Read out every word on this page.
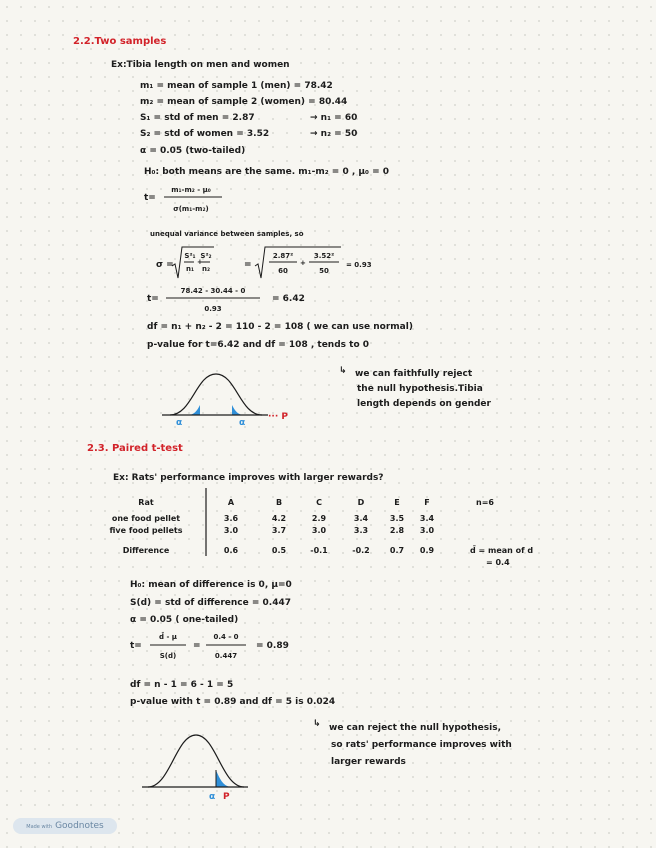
2.2.Two samples
Ex:Tibia length on men and women
m₁ = mean of sample 1 (men) = 78.42
m₂ = mean of sample 2 (women) = 80.44
S₁ = std of men = 2.87
S₂ = std of women = 3.52
α = 0.05 (two-tailed)
→ n₁ = 60
→ n₂ = 50
H₀: both means are the same. m₁-m₂ = 0 , μ₀ = 0
t=
m₁-m₂ - μ₀
σ(m₁-m₂)
unequal variance between samples, so
σ =
S²₁
n₁
+
S²₂
n₂	=
2.87²
60
+
3.52²
50
= 0.93
t=
78.42 - 30.44 - 0
0.93
= 6.42
df = n₁ + n₂ - 2 = 110 - 2 = 108 ( we can use normal)
p-value for t=6.42 and df = 108 , tends to 0
α	α
··· P
↳ we can faithfully reject
the null hypothesis.Tibia
length depends on gender
2.3. Paired t-test
Ex: Rats' performance improves with larger rewards?
Rat	A	B	C	D	E	F	n=6
one food pellet	3.6	4.2	2.9	3.4	3.5	3.4
five food pellets	3.0	3.7	3.0	3.3	2.8	3.0
Difference	0.6	0.5	-0.1	-0.2	0.7	0.9	d̄ = mean of d
= 0.4
H₀: mean of difference is 0, μ=0
S(d) = std of difference = 0.447
α = 0.05 ( one-tailed)
t=
d̄ - μ
S(d)
=
0.4 - 0
0.447
= 0.89
df = n - 1 = 6 - 1 = 5
p-value with t = 0.89 and df = 5 is 0.024
α P
↳ we can reject the null hypothesis,
so rats' performance improves with
larger rewards
Made with Goodnotes
